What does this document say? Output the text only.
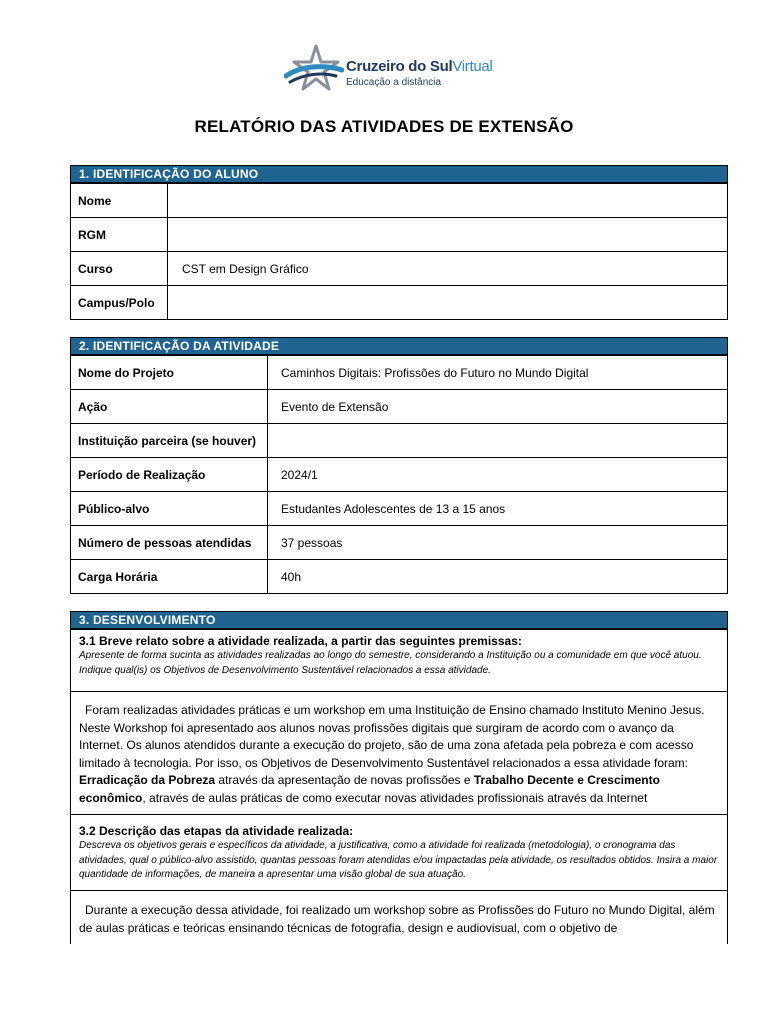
Cruzeiro do SulVirtual
Educação a distância
RELATÓRIO DAS ATIVIDADES DE EXTENSÃO
1. IDENTIFICAÇÃO DO ALUNO
Nome
RGM
Curso	CST em Design Gráfico
Campus/Polo
2. IDENTIFICAÇÃO DA ATIVIDADE
Nome do Projeto	Caminhos Digitais: Profissões do Futuro no Mundo Digital
Ação	Evento de Extensão
Instituição parceira (se houver)
Período de Realização	2024/1
Público-alvo	Estudantes Adolescentes de 13 a 15 anos
Número de pessoas atendidas	37 pessoas
Carga Horária	40h
3. DESENVOLVIMENTO
3.1 Breve relato sobre a atividade realizada, a partir das seguintes premissas:
Apresente de forma sucinta as atividades realizadas ao longo do semestre, considerando a Instituição ou a comunidade em que você atuou. Indique qual(is) os Objetivos de Desenvolvimento Sustentável relacionados a essa atividade.
Foram realizadas atividades práticas e um workshop em uma Instituição de Ensino chamado Instituto Menino Jesus. Neste Workshop foi apresentado aos alunos novas profissões digitais que surgiram de acordo com o avanço da Internet. Os alunos atendidos durante a execução do projeto, são de uma zona afetada pela pobreza e com acesso limitado à tecnologia. Por isso, os Objetivos de Desenvolvimento Sustentável relacionados a essa atividade foram: Erradicação da Pobreza através da apresentação de novas profissões e Trabalho Decente e Crescimento econômico, através de aulas práticas de como executar novas atividades profissionais através da Internet
3.2 Descrição das etapas da atividade realizada:
Descreva os objetivos gerais e específicos da atividade, a justificativa, como a atividade foi realizada (metodologia), o cronograma das atividades, qual o público-alvo assistido, quantas pessoas foram atendidas e/ou impactadas pela atividade, os resultados obtidos. Insira a maior quantidade de informações, de maneira a apresentar uma visão global de sua atuação.
Durante a execução dessa atividade, foi realizado um workshop sobre as Profissões do Futuro no Mundo Digital, além de aulas práticas e teóricas ensinando técnicas de fotografia, design e audiovisual, com o objetivo de
